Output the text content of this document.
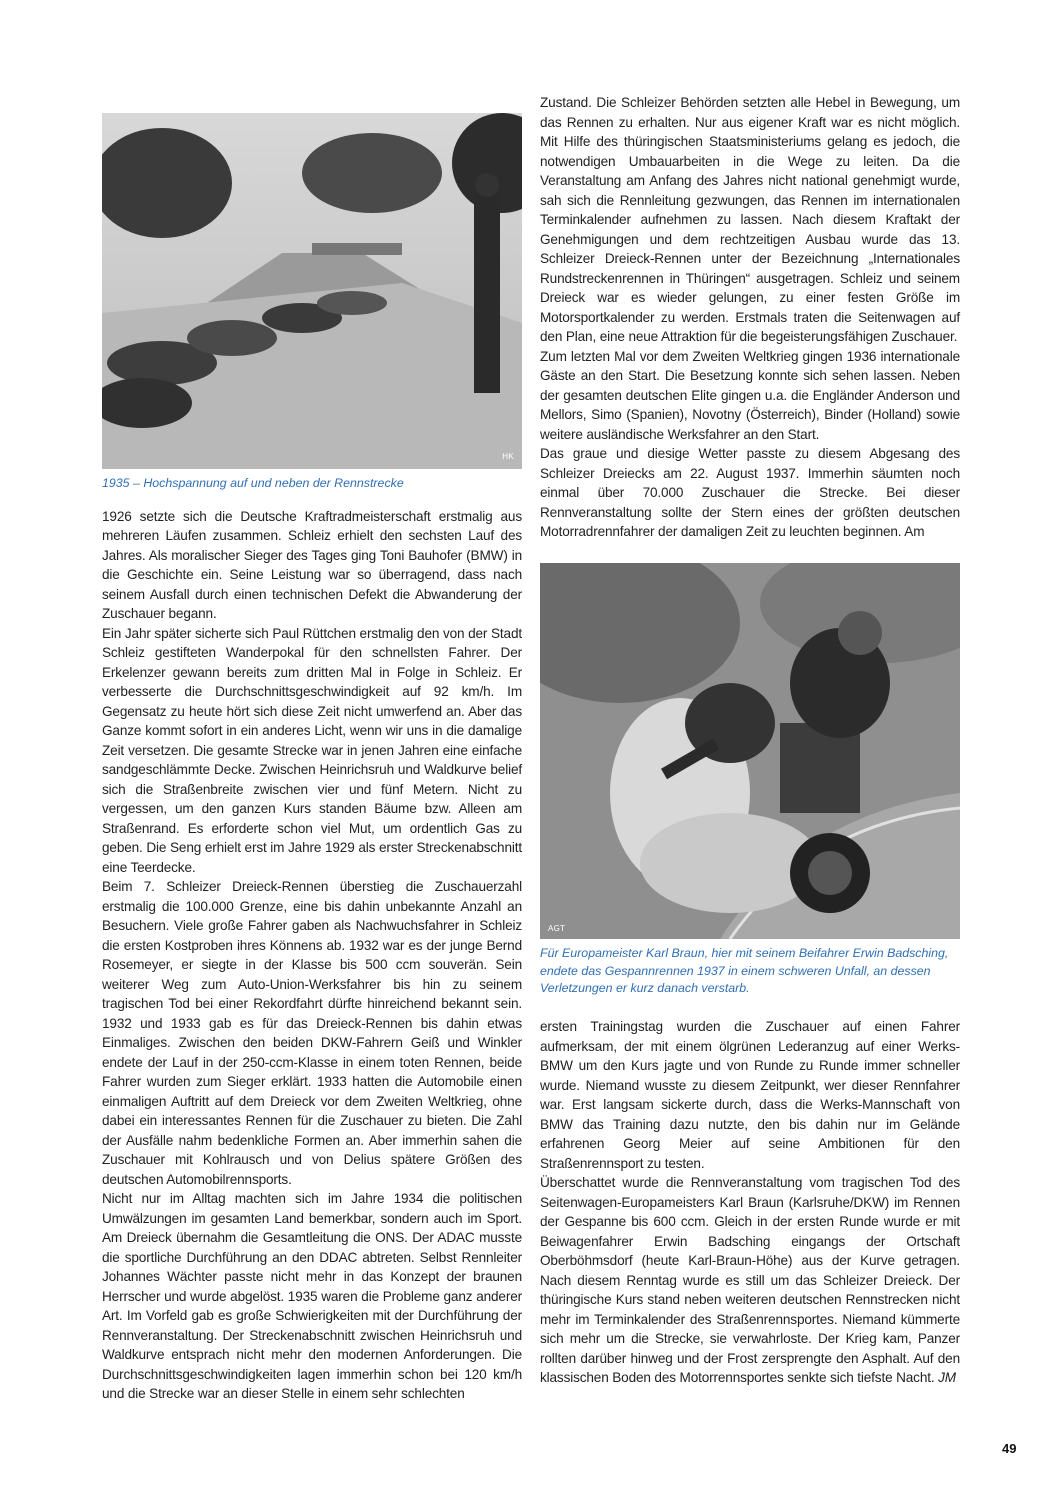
HK

1935 – Hochspannung auf und neben der Rennstrecke

1926 setzte sich die Deutsche Kraftradmeisterschaft erstmalig aus mehreren Läufen zusammen. Schleiz erhielt den sechsten Lauf des Jahres. Als moralischer Sieger des Tages ging Toni Bauhofer (BMW) in die Geschichte ein. Seine Leistung war so überragend, dass nach seinem Ausfall durch einen technischen Defekt die Abwanderung der Zuschauer begann.

Ein Jahr später sicherte sich Paul Rüttchen erstmalig den von der Stadt Schleiz gestifteten Wanderpokal für den schnellsten Fahrer. Der Erkelenzer gewann bereits zum dritten Mal in Folge in Schleiz. Er verbesserte die Durchschnittsgeschwindigkeit auf 92 km/h. Im Gegensatz zu heute hört sich diese Zeit nicht umwerfend an. Aber das Ganze kommt sofort in ein anderes Licht, wenn wir uns in die damalige Zeit versetzen. Die gesamte Strecke war in jenen Jahren eine einfache sandgeschlämmte Decke. Zwischen Heinrichsruh und Waldkurve belief sich die Straßenbreite zwischen vier und fünf Metern. Nicht zu vergessen, um den ganzen Kurs standen Bäume bzw. Alleen am Straßenrand. Es erforderte schon viel Mut, um ordentlich Gas zu geben. Die Seng erhielt erst im Jahre 1929 als erster Streckenabschnitt eine Teerdecke.

Beim 7. Schleizer Dreieck-Rennen überstieg die Zuschauerzahl erstmalig die 100.000 Grenze, eine bis dahin unbekannte Anzahl an Besuchern. Viele große Fahrer gaben als Nachwuchsfahrer in Schleiz die ersten Kostproben ihres Könnens ab. 1932 war es der junge Bernd Rosemeyer, er siegte in der Klasse bis 500 ccm souverän. Sein weiterer Weg zum Auto-Union-Werksfahrer bis hin zu seinem tragischen Tod bei einer Rekordfahrt dürfte hinreichend bekannt sein. 1932 und 1933 gab es für das Dreieck-Rennen bis dahin etwas Einmaliges. Zwischen den beiden DKW-Fahrern Geiß und Winkler endete der Lauf in der 250-ccm-Klasse in einem toten Rennen, beide Fahrer wurden zum Sieger erklärt. 1933 hatten die Automobile einen einmaligen Auftritt auf dem Dreieck vor dem Zweiten Weltkrieg, ohne dabei ein interessantes Rennen für die Zuschauer zu bieten. Die Zahl der Ausfälle nahm bedenkliche Formen an. Aber immerhin sahen die Zuschauer mit Kohlrausch und von Delius spätere Größen des deutschen Automobilrennsports.

Nicht nur im Alltag machten sich im Jahre 1934 die politischen Umwälzungen im gesamten Land bemerkbar, sondern auch im Sport. Am Dreieck übernahm die Gesamtleitung die ONS. Der ADAC musste die sportliche Durchführung an den DDAC abtreten. Selbst Rennleiter Johannes Wächter passte nicht mehr in das Konzept der braunen Herrscher und wurde abgelöst. 1935 waren die Probleme ganz anderer Art. Im Vorfeld gab es große Schwierigkeiten mit der Durchführung der Rennveranstaltung. Der Streckenabschnitt zwischen Heinrichsruh und Waldkurve entsprach nicht mehr den modernen Anforderungen. Die Durchschnittsgeschwindigkeiten lagen immerhin schon bei 120 km/h und die Strecke war an dieser Stelle in einem sehr schlechten

Zustand. Die Schleizer Behörden setzten alle Hebel in Bewegung, um das Rennen zu erhalten. Nur aus eigener Kraft war es nicht möglich. Mit Hilfe des thüringischen Staatsministeriums gelang es jedoch, die notwendigen Umbauarbeiten in die Wege zu leiten. Da die Veranstaltung am Anfang des Jahres nicht national genehmigt wurde, sah sich die Rennleitung gezwungen, das Rennen im internationalen Terminkalender aufnehmen zu lassen. Nach diesem Kraftakt der Genehmigungen und dem rechtzeitigen Ausbau wurde das 13. Schleizer Dreieck-Rennen unter der Bezeichnung „Internationales Rundstreckenrennen in Thüringen“ ausgetragen. Schleiz und seinem Dreieck war es wieder gelungen, zu einer festen Größe im Motorsportkalender zu werden. Erstmals traten die Seitenwagen auf den Plan, eine neue Attraktion für die begeisterungsfähigen Zuschauer.

Zum letzten Mal vor dem Zweiten Weltkrieg gingen 1936 internationale Gäste an den Start. Die Besetzung konnte sich sehen lassen. Neben der gesamten deutschen Elite gingen u.a. die Engländer Anderson und Mellors, Simo (Spanien), Novotny (Österreich), Binder (Holland) sowie weitere ausländische Werksfahrer an den Start.

Das graue und diesige Wetter passte zu diesem Abgesang des Schleizer Dreiecks am 22. August 1937. Immerhin säumten noch einmal über 70.000 Zuschauer die Strecke. Bei dieser Rennveranstaltung sollte der Stern eines der größten deutschen Motorradrennfahrer der damaligen Zeit zu leuchten beginnen. Am

AGT

Für Europameister Karl Braun, hier mit seinem Beifahrer Erwin Badsching, endete das Gespannrennen 1937 in einem schweren Unfall, an dessen Verletzungen er kurz danach verstarb.

ersten Trainingstag wurden die Zuschauer auf einen Fahrer aufmerksam, der mit einem ölgrünen Lederanzug auf einer Werks-BMW um den Kurs jagte und von Runde zu Runde immer schneller wurde. Niemand wusste zu diesem Zeitpunkt, wer dieser Rennfahrer war. Erst langsam sickerte durch, dass die Werks-Mannschaft von BMW das Training dazu nutzte, den bis dahin nur im Gelände erfahrenen Georg Meier auf seine Ambitionen für den Straßenrennsport zu testen.

Überschattet wurde die Rennveranstaltung vom tragischen Tod des Seitenwagen-Europameisters Karl Braun (Karlsruhe/DKW) im Rennen der Gespanne bis 600 ccm. Gleich in der ersten Runde wurde er mit Beiwagenfahrer Erwin Badsching eingangs der Ortschaft Oberböhmsdorf (heute Karl-Braun-Höhe) aus der Kurve getragen. Nach diesem Renntag wurde es still um das Schleizer Dreieck. Der thüringische Kurs stand neben weiteren deutschen Rennstrecken nicht mehr im Terminkalender des Straßenrennsportes. Niemand kümmerte sich mehr um die Strecke, sie verwahrloste. Der Krieg kam, Panzer rollten darüber hinweg und der Frost zersprengte den Asphalt. Auf den klassischen Boden des Motorrennsportes senkte sich tiefste Nacht. JM

49
